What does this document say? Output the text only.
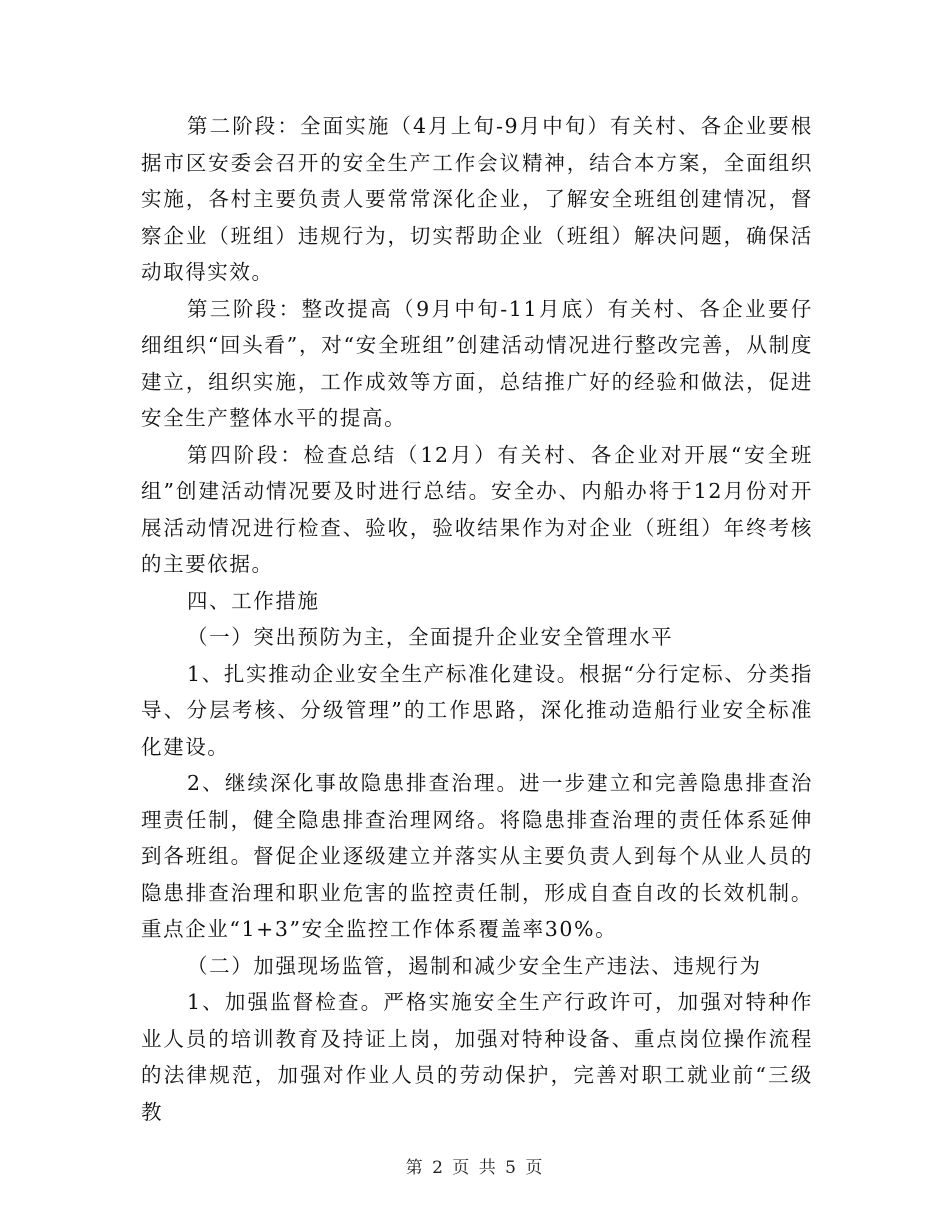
第二阶段：全面实施（4月上旬-9月中旬）有关村、各企业要根据市区安委会召开的安全生产工作会议精神，结合本方案，全面组织实施，各村主要负责人要常常深化企业，了解安全班组创建情况，督察企业（班组）违规行为，切实帮助企业（班组）解决问题，确保活动取得实效。

第三阶段：整改提高（9月中旬-11月底）有关村、各企业要仔细组织“回头看”，对“安全班组”创建活动情况进行整改完善，从制度建立，组织实施，工作成效等方面，总结推广好的经验和做法，促进安全生产整体水平的提高。

第四阶段：检查总结（12月）有关村、各企业对开展“安全班组”创建活动情况要及时进行总结。安全办、内船办将于12月份对开展活动情况进行检查、验收，验收结果作为对企业（班组）年终考核的主要依据。

四、工作措施

（一）突出预防为主，全面提升企业安全管理水平

1、扎实推动企业安全生产标准化建设。根据“分行定标、分类指导、分层考核、分级管理”的工作思路，深化推动造船行业安全标准化建设。

2、继续深化事故隐患排查治理。进一步建立和完善隐患排查治理责任制，健全隐患排查治理网络。将隐患排查治理的责任体系延伸到各班组。督促企业逐级建立并落实从主要负责人到每个从业人员的隐患排查治理和职业危害的监控责任制，形成自查自改的长效机制。重点企业“1+3”安全监控工作体系覆盖率30%。

（二）加强现场监管，遏制和减少安全生产违法、违规行为

1、加强监督检查。严格实施安全生产行政许可，加强对特种作业人员的培训教育及持证上岗，加强对特种设备、重点岗位操作流程的法律规范，加强对作业人员的劳动保护，完善对职工就业前“三级教

第 2 页 共 5 页
